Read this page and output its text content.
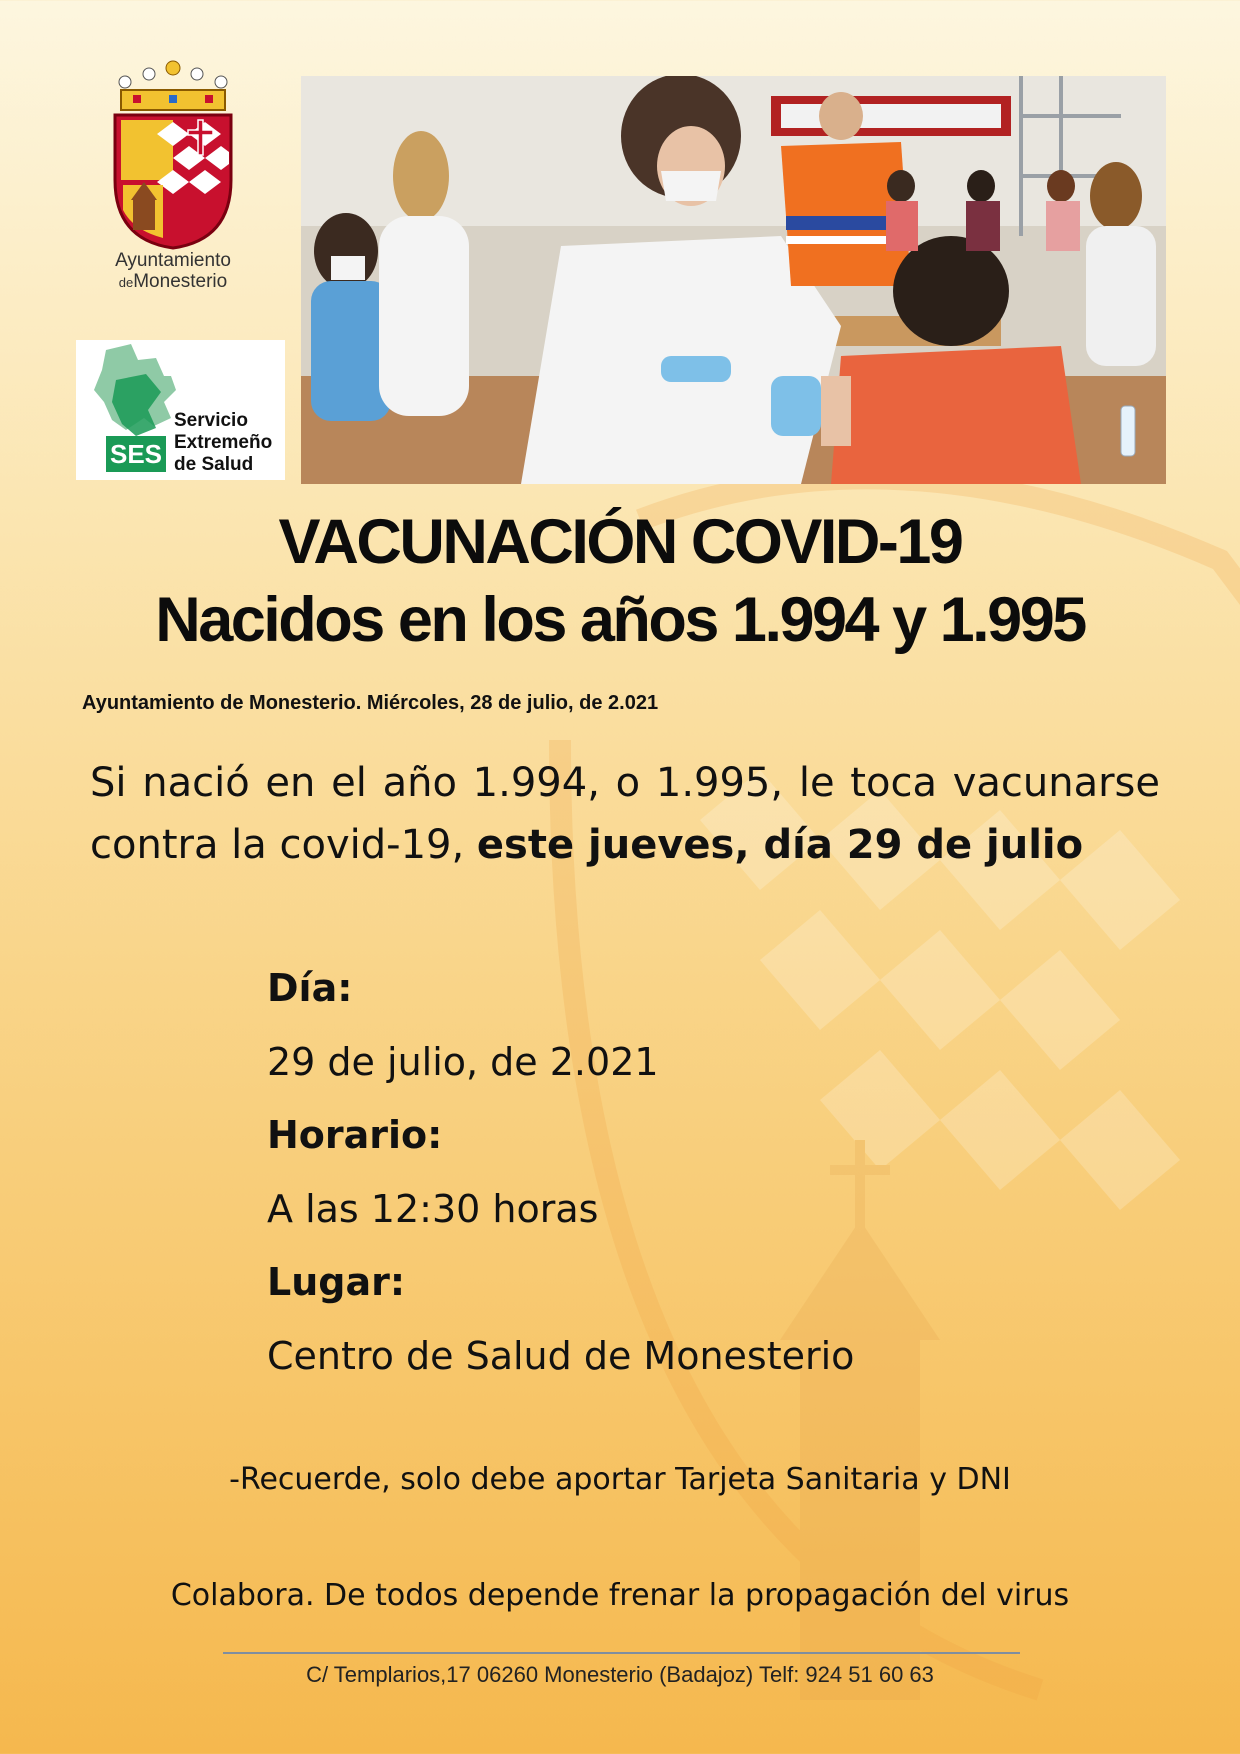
Ayuntamiento
deMonesterio
SES
Servicio
Extremeño
de Salud
VACUNACIÓN COVID-19
Nacidos en los años 1.994 y 1.995
Ayuntamiento de Monesterio. Miércoles, 28 de julio, de 2.021
Si nació en el año 1.994, o 1.995, le toca vacunarse contra la covid-19, este jueves, día 29 de julio
Día:
29 de julio, de 2.021
Horario:
A las 12:30 horas
Lugar:
Centro de Salud de Monesterio
-Recuerde, solo debe aportar Tarjeta Sanitaria y DNI
Colabora. De todos depende frenar la propagación del virus
C/ Templarios,17 06260 Monesterio (Badajoz) Telf: 924 51 60 63
